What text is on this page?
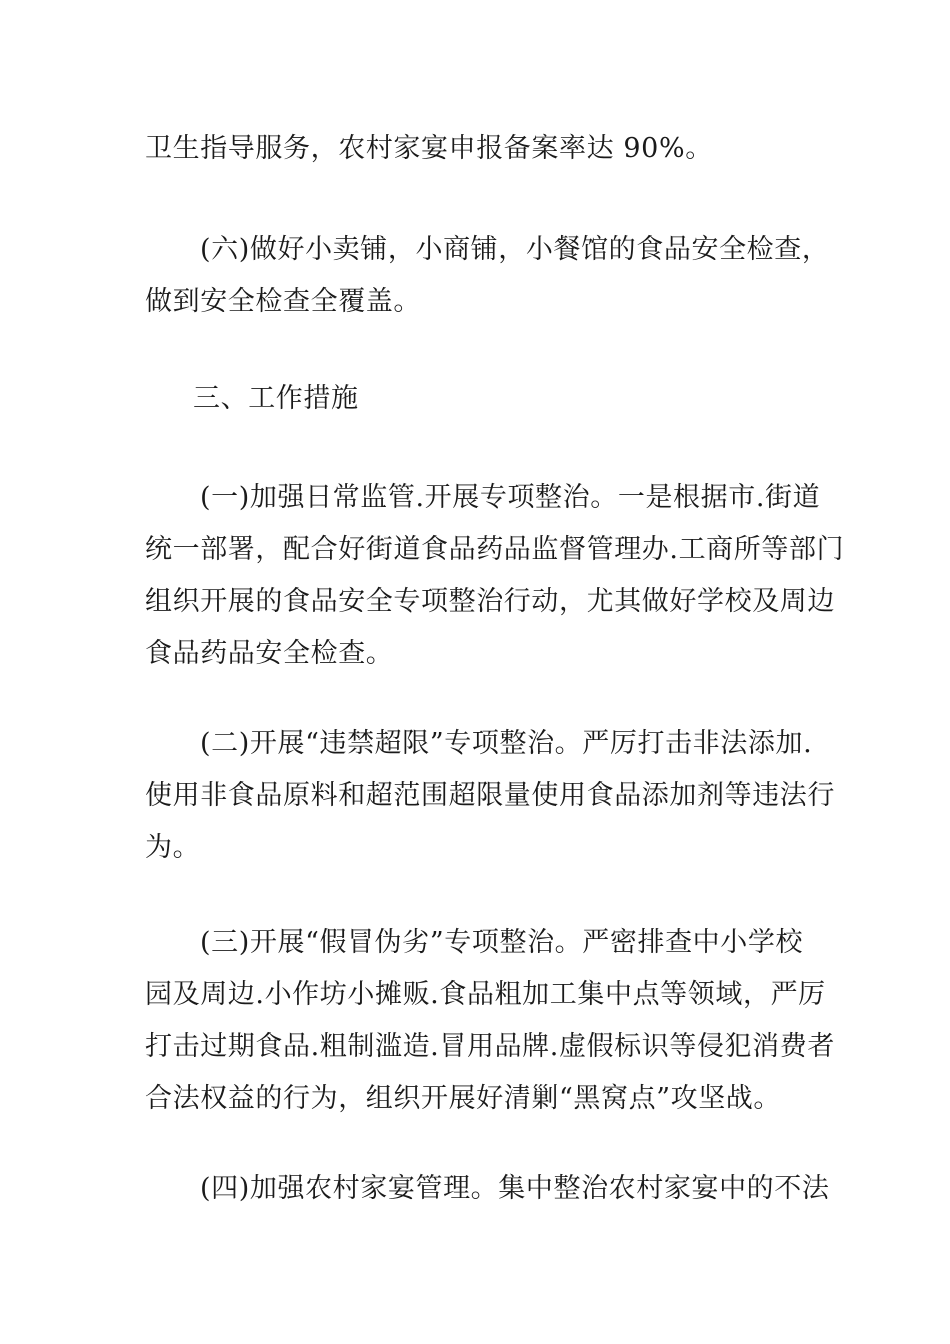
卫生指导服务，农村家宴申报备案率达 90%。

(六)做好小卖铺，小商铺，小餐馆的食品安全检查，
做到安全检查全覆盖。

三、工作措施

(一)加强日常监管.开展专项整治。一是根据市.街道
统一部署，配合好街道食品药品监督管理办.工商所等部门
组织开展的食品安全专项整治行动，尤其做好学校及周边
食品药品安全检查。

(二)开展“违禁超限”专项整治。严厉打击非法添加.
使用非食品原料和超范围超限量使用食品添加剂等违法行
为。

(三)开展“假冒伪劣”专项整治。严密排查中小学校
园及周边.小作坊小摊贩.食品粗加工集中点等领域，严厉
打击过期食品.粗制滥造.冒用品牌.虚假标识等侵犯消费者
合法权益的行为，组织开展好清剿“黑窝点”攻坚战。

(四)加强农村家宴管理。集中整治农村家宴中的不法
